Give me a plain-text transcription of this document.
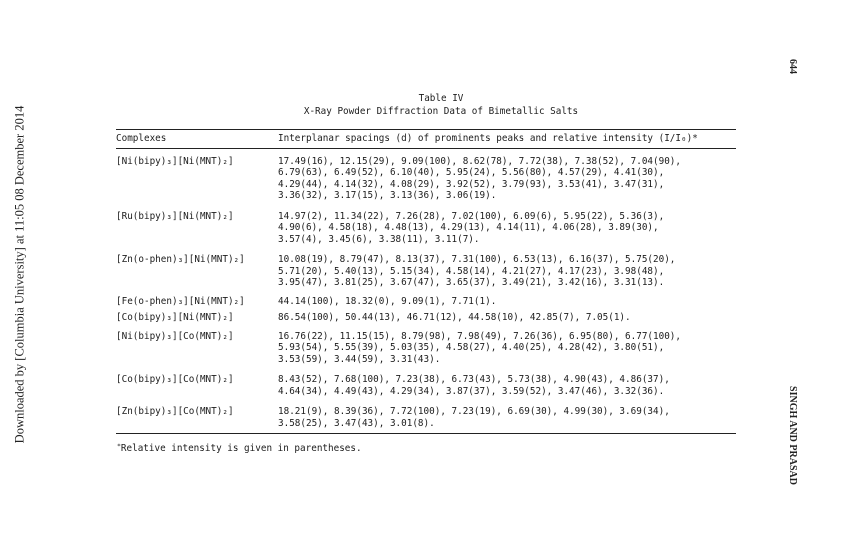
Downloaded by [Columbia University] at 11:05 08 December 2014
644
SINGH AND PRASAD
Table IV
X-Ray Powder Diffraction Data of Bimetallic Salts
Complexes	Interplanar spacings (d) of prominents peaks and relative intensity (I/I₀)*
[Ni(bipy)₃][Ni(MNT)₂]	17.49(16), 12.15(29), 9.09(100), 8.62(78), 7.72(38), 7.38(52), 7.04(90),
6.79(63), 6.49(52), 6.10(40), 5.95(24), 5.56(80), 4.57(29), 4.41(30),
4.29(44), 4.14(32), 4.08(29), 3.92(52), 3.79(93), 3.53(41), 3.47(31),
3.36(32), 3.17(15), 3.13(36), 3.06(19).
[Ru(bipy)₃][Ni(MNT)₂]	14.97(2), 11.34(22), 7.26(28), 7.02(100), 6.09(6), 5.95(22), 5.36(3),
4.90(6), 4.58(18), 4.48(13), 4.29(13), 4.14(11), 4.06(28), 3.89(30),
3.57(4), 3.45(6), 3.38(11), 3.11(7).
[Zn(o-phen)₃][Ni(MNT)₂]	10.08(19), 8.79(47), 8.13(37), 7.31(100), 6.53(13), 6.16(37), 5.75(20),
5.71(20), 5.40(13), 5.15(34), 4.58(14), 4.21(27), 4.17(23), 3.98(48),
3.95(47), 3.81(25), 3.67(47), 3.65(37), 3.49(21), 3.42(16), 3.31(13).
[Fe(o-phen)₃][Ni(MNT)₂]	44.14(100), 18.32(0), 9.09(1), 7.71(1).
[Co(bipy)₃][Ni(MNT)₂]	86.54(100), 50.44(13), 46.71(12), 44.58(10), 42.85(7), 7.05(1).
[Ni(bipy)₃][Co(MNT)₂]	16.76(22), 11.15(15), 8.79(98), 7.98(49), 7.26(36), 6.95(80), 6.77(100),
5.93(54), 5.55(39), 5.03(35), 4.58(27), 4.40(25), 4.28(42), 3.80(51),
3.53(59), 3.44(59), 3.31(43).
[Co(bipy)₃][Co(MNT)₂]	8.43(52), 7.68(100), 7.23(38), 6.73(43), 5.73(38), 4.90(43), 4.86(37),
4.64(34), 4.49(43), 4.29(34), 3.87(37), 3.59(52), 3.47(46), 3.32(36).
[Zn(bipy)₃][Co(MNT)₂]	18.21(9), 8.39(36), 7.72(100), 7.23(19), 6.69(30), 4.99(30), 3.69(34),
3.58(25), 3.47(43), 3.01(8).
*Relative intensity is given in parentheses.
